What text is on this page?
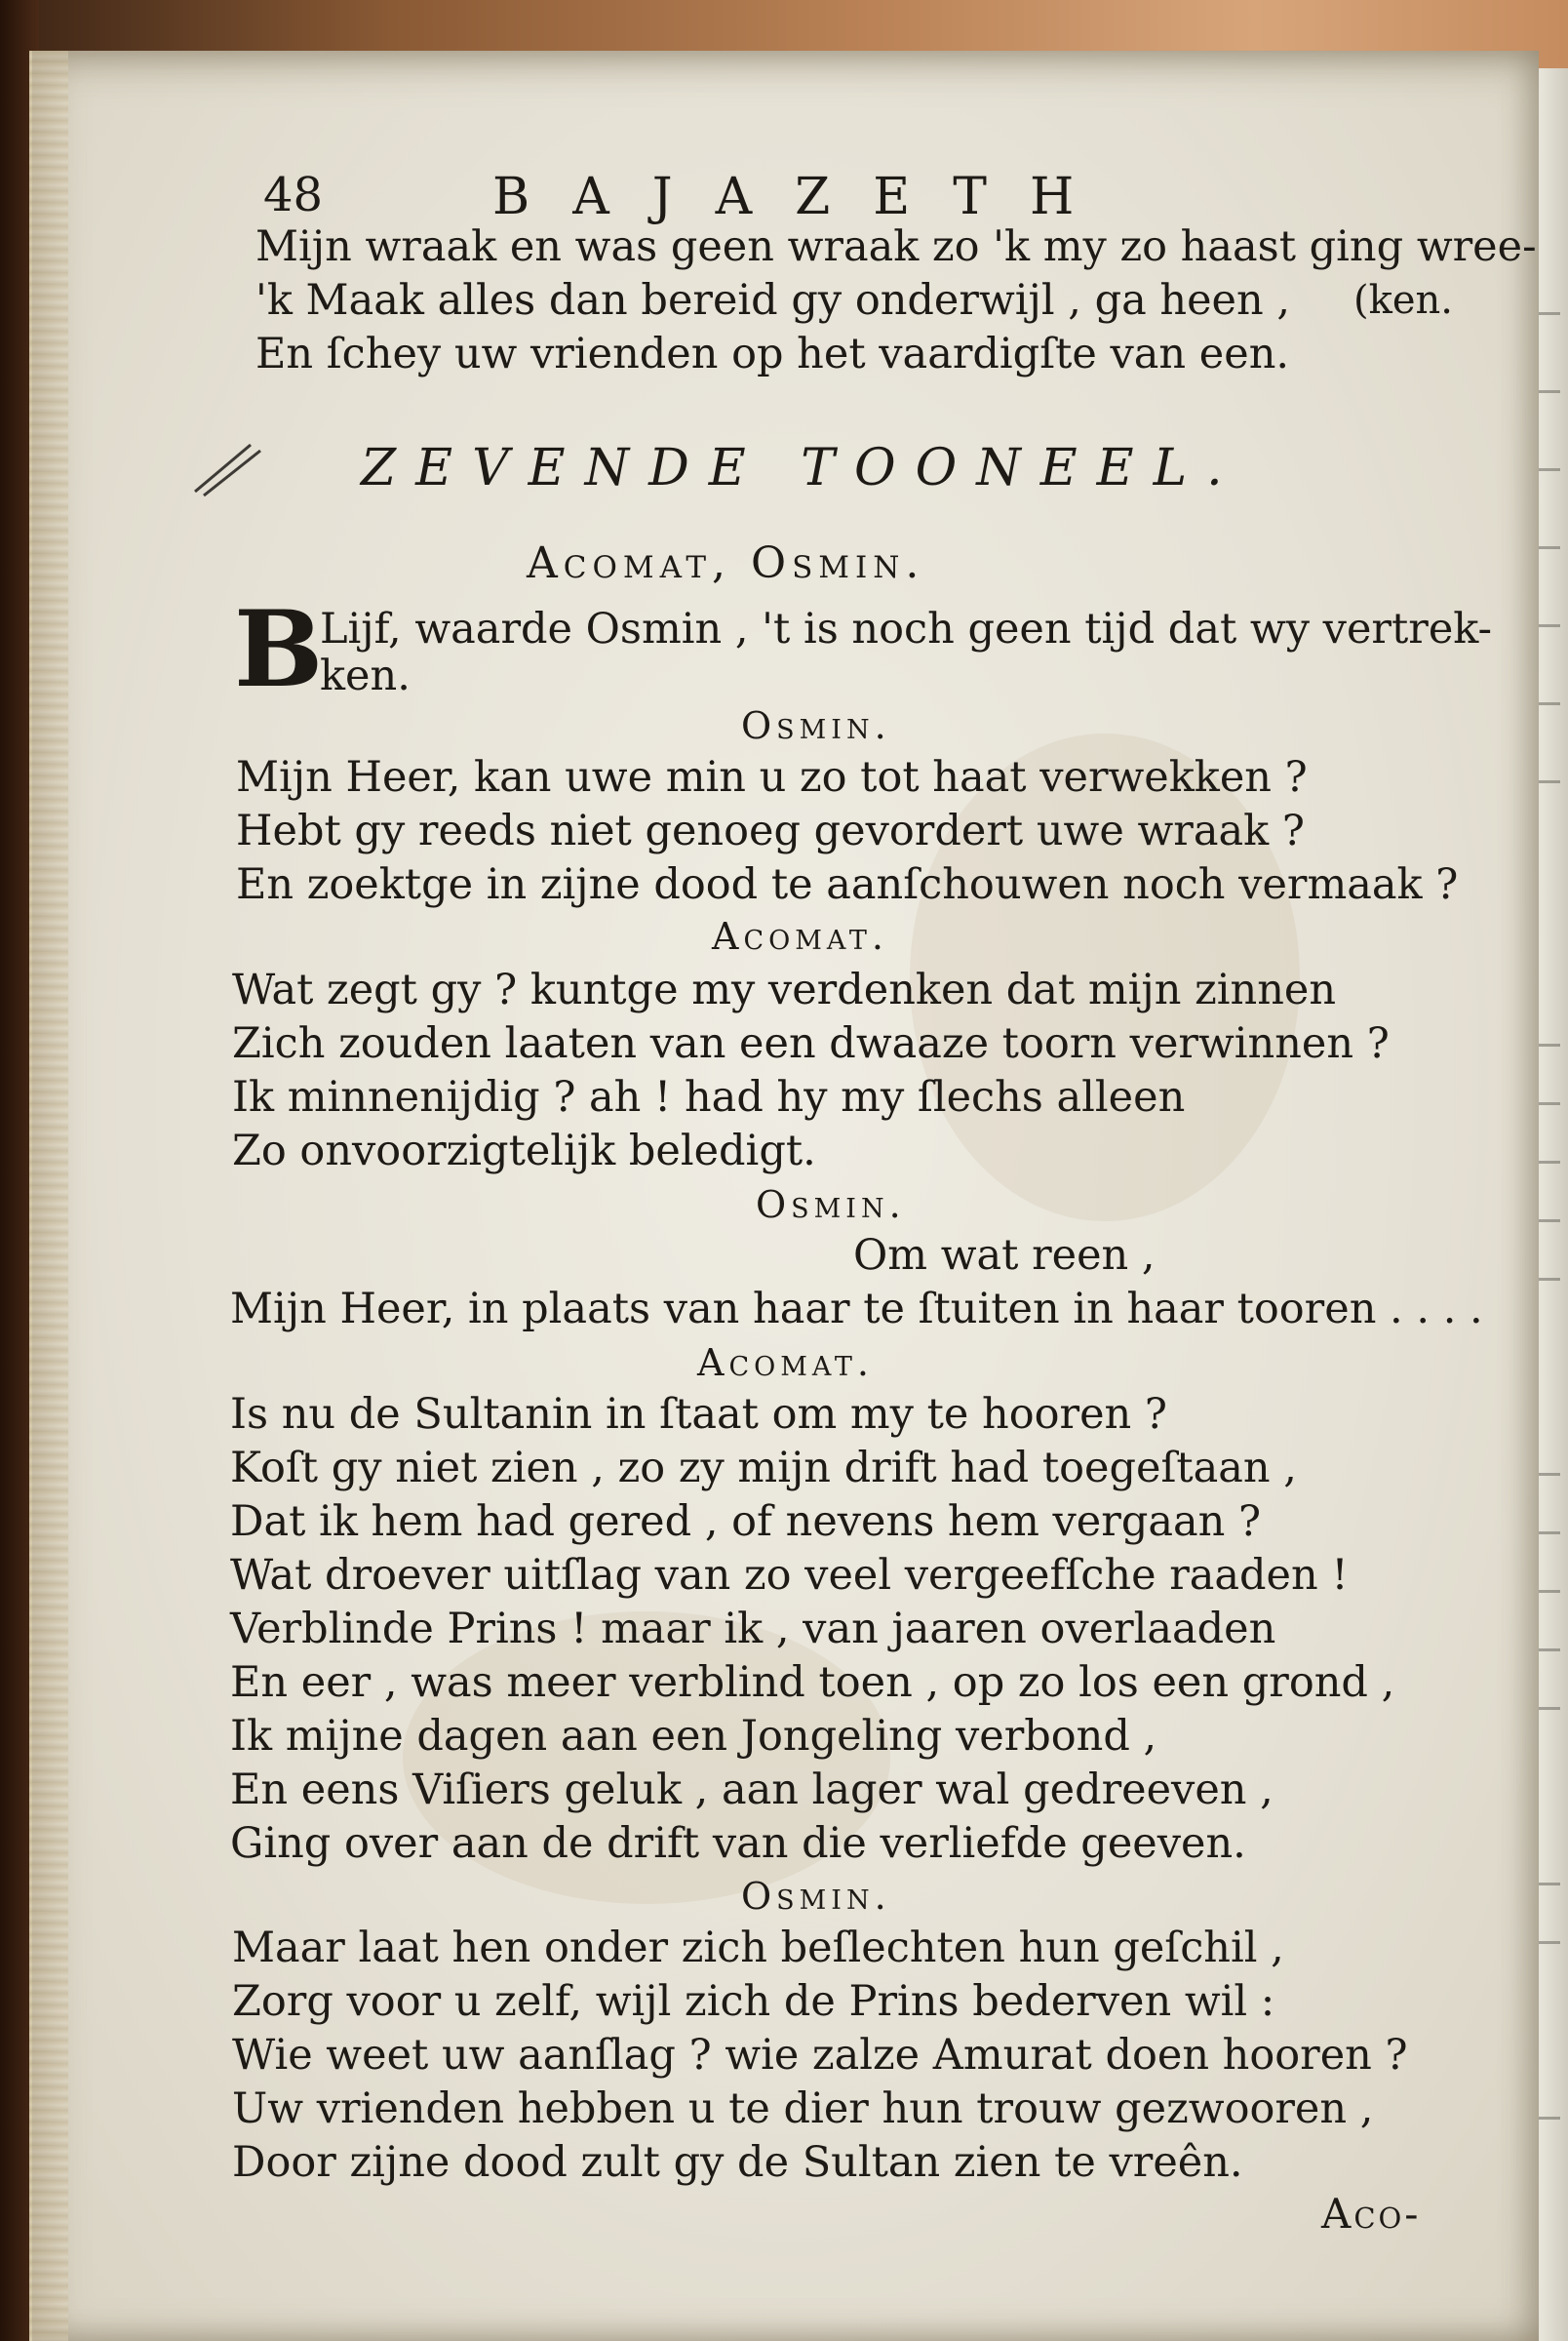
48	BAJAZETH
Mijn wraak en was geen wraak zo 'k my zo haast ging wree-
'k Maak alles dan bereid gy onderwijl , ga heen , (ken.
En ſchey uw vrienden op het vaardigſte van een.
ZEVENDE TOONEEL.
Acomat, Osmin.
B
Lijf, waarde Osmin , 't is noch geen tijd dat wy vertrek-
ken.
Osmin.
Mijn Heer, kan uwe min u zo tot haat verwekken ?
Hebt gy reeds niet genoeg gevordert uwe wraak ?
En zoektge in zijne dood te aanſchouwen noch vermaak ?
Acomat.
Wat zegt gy ? kuntge my verdenken dat mijn zinnen
Zich zouden laaten van een dwaaze toorn verwinnen ?
Ik minnenijdig ? ah ! had hy my ſlechs alleen
Zo onvoorzigtelijk beledigt.
Osmin.
Om wat reen ,
Mijn Heer, in plaats van haar te ſtuiten in haar tooren . . . .
Acomat.
Is nu de Sultanin in ſtaat om my te hooren ?
Koſt gy niet zien , zo zy mijn drift had toegeſtaan ,
Dat ik hem had gered , of nevens hem vergaan ?
Wat droever uitſlag van zo veel vergeefſche raaden !
Verblinde Prins ! maar ik , van jaaren overlaaden
En eer , was meer verblind toen , op zo los een grond ,
Ik mijne dagen aan een Jongeling verbond ,
En eens Viſiers geluk , aan lager wal gedreeven ,
Ging over aan de drift van die verliefde geeven.
Osmin.
Maar laat hen onder zich beſlechten hun geſchil ,
Zorg voor u zelf, wijl zich de Prins bederven wil :
Wie weet uw aanſlag ? wie zalze Amurat doen hooren ?
Uw vrienden hebben u te dier hun trouw gezwooren ,
Door zijne dood zult gy de Sultan zien te vreên.
Aco-
